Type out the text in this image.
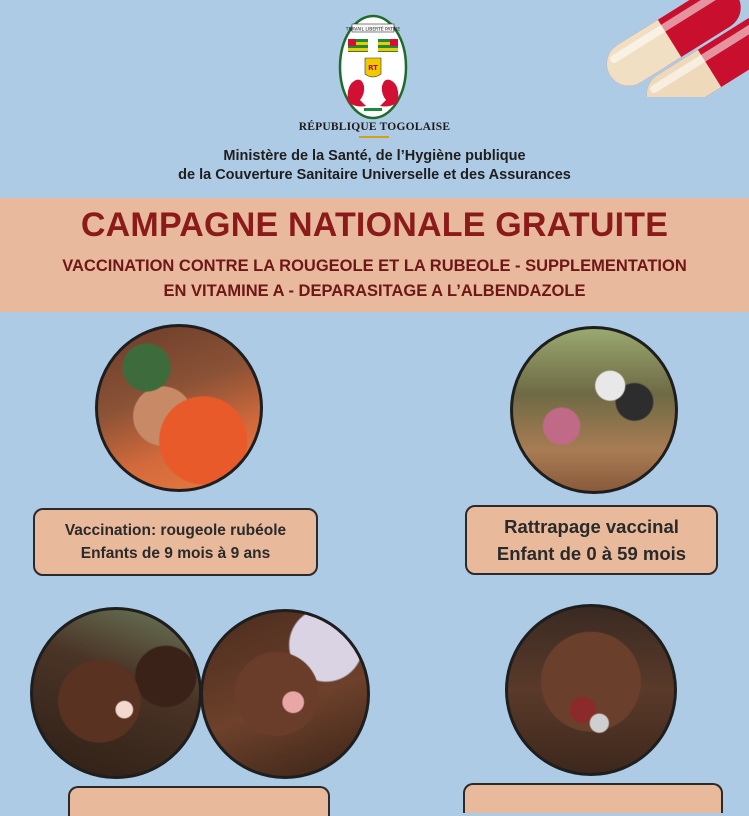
TRAVAIL LIBERTÉ PATRIE
RT
RÉPUBLIQUE TOGOLAISE
Ministère de la Santé, de l’Hygiène publique
de la Couverture Sanitaire Universelle et des Assurances
CAMPAGNE NATIONALE GRATUITE
VACCINATION CONTRE LA ROUGEOLE ET LA RUBEOLE - SUPPLEMENTATION
EN VITAMINE A - DEPARASITAGE A L’ALBENDAZOLE
Vaccination: rougeole rubéole
Enfants de 9 mois à 9 ans
Rattrapage vaccinal
Enfant de 0 à 59 mois
